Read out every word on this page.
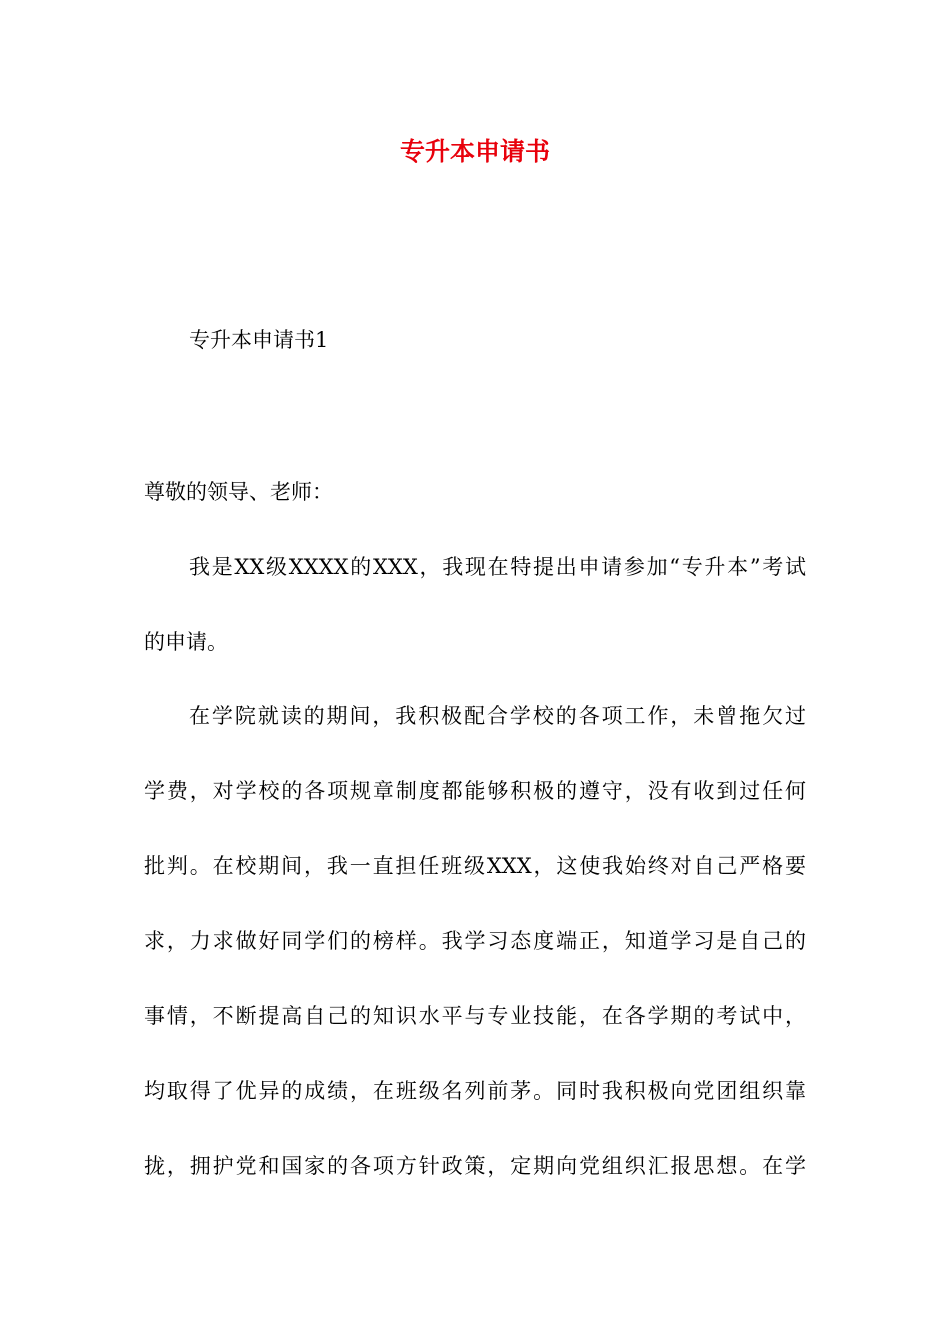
专升本申请书
专升本申请书1
尊敬的领导、老师：
我是XX级XXXX的XXX，我现在特提出申请参加“专升本”考试
的申请。
在学院就读的期间，我积极配合学校的各项工作，未曾拖欠过
学费，对学校的各项规章制度都能够积极的遵守，没有收到过任何
批判。在校期间，我一直担任班级XXX，这使我始终对自己严格要
求，力求做好同学们的榜样。我学习态度端正，知道学习是自己的
事情，不断提高自己的知识水平与专业技能，在各学期的考试中，
均取得了优异的成绩，在班级名列前茅。同时我积极向党团组织靠
拢，拥护党和国家的各项方针政策，定期向党组织汇报思想。在学
